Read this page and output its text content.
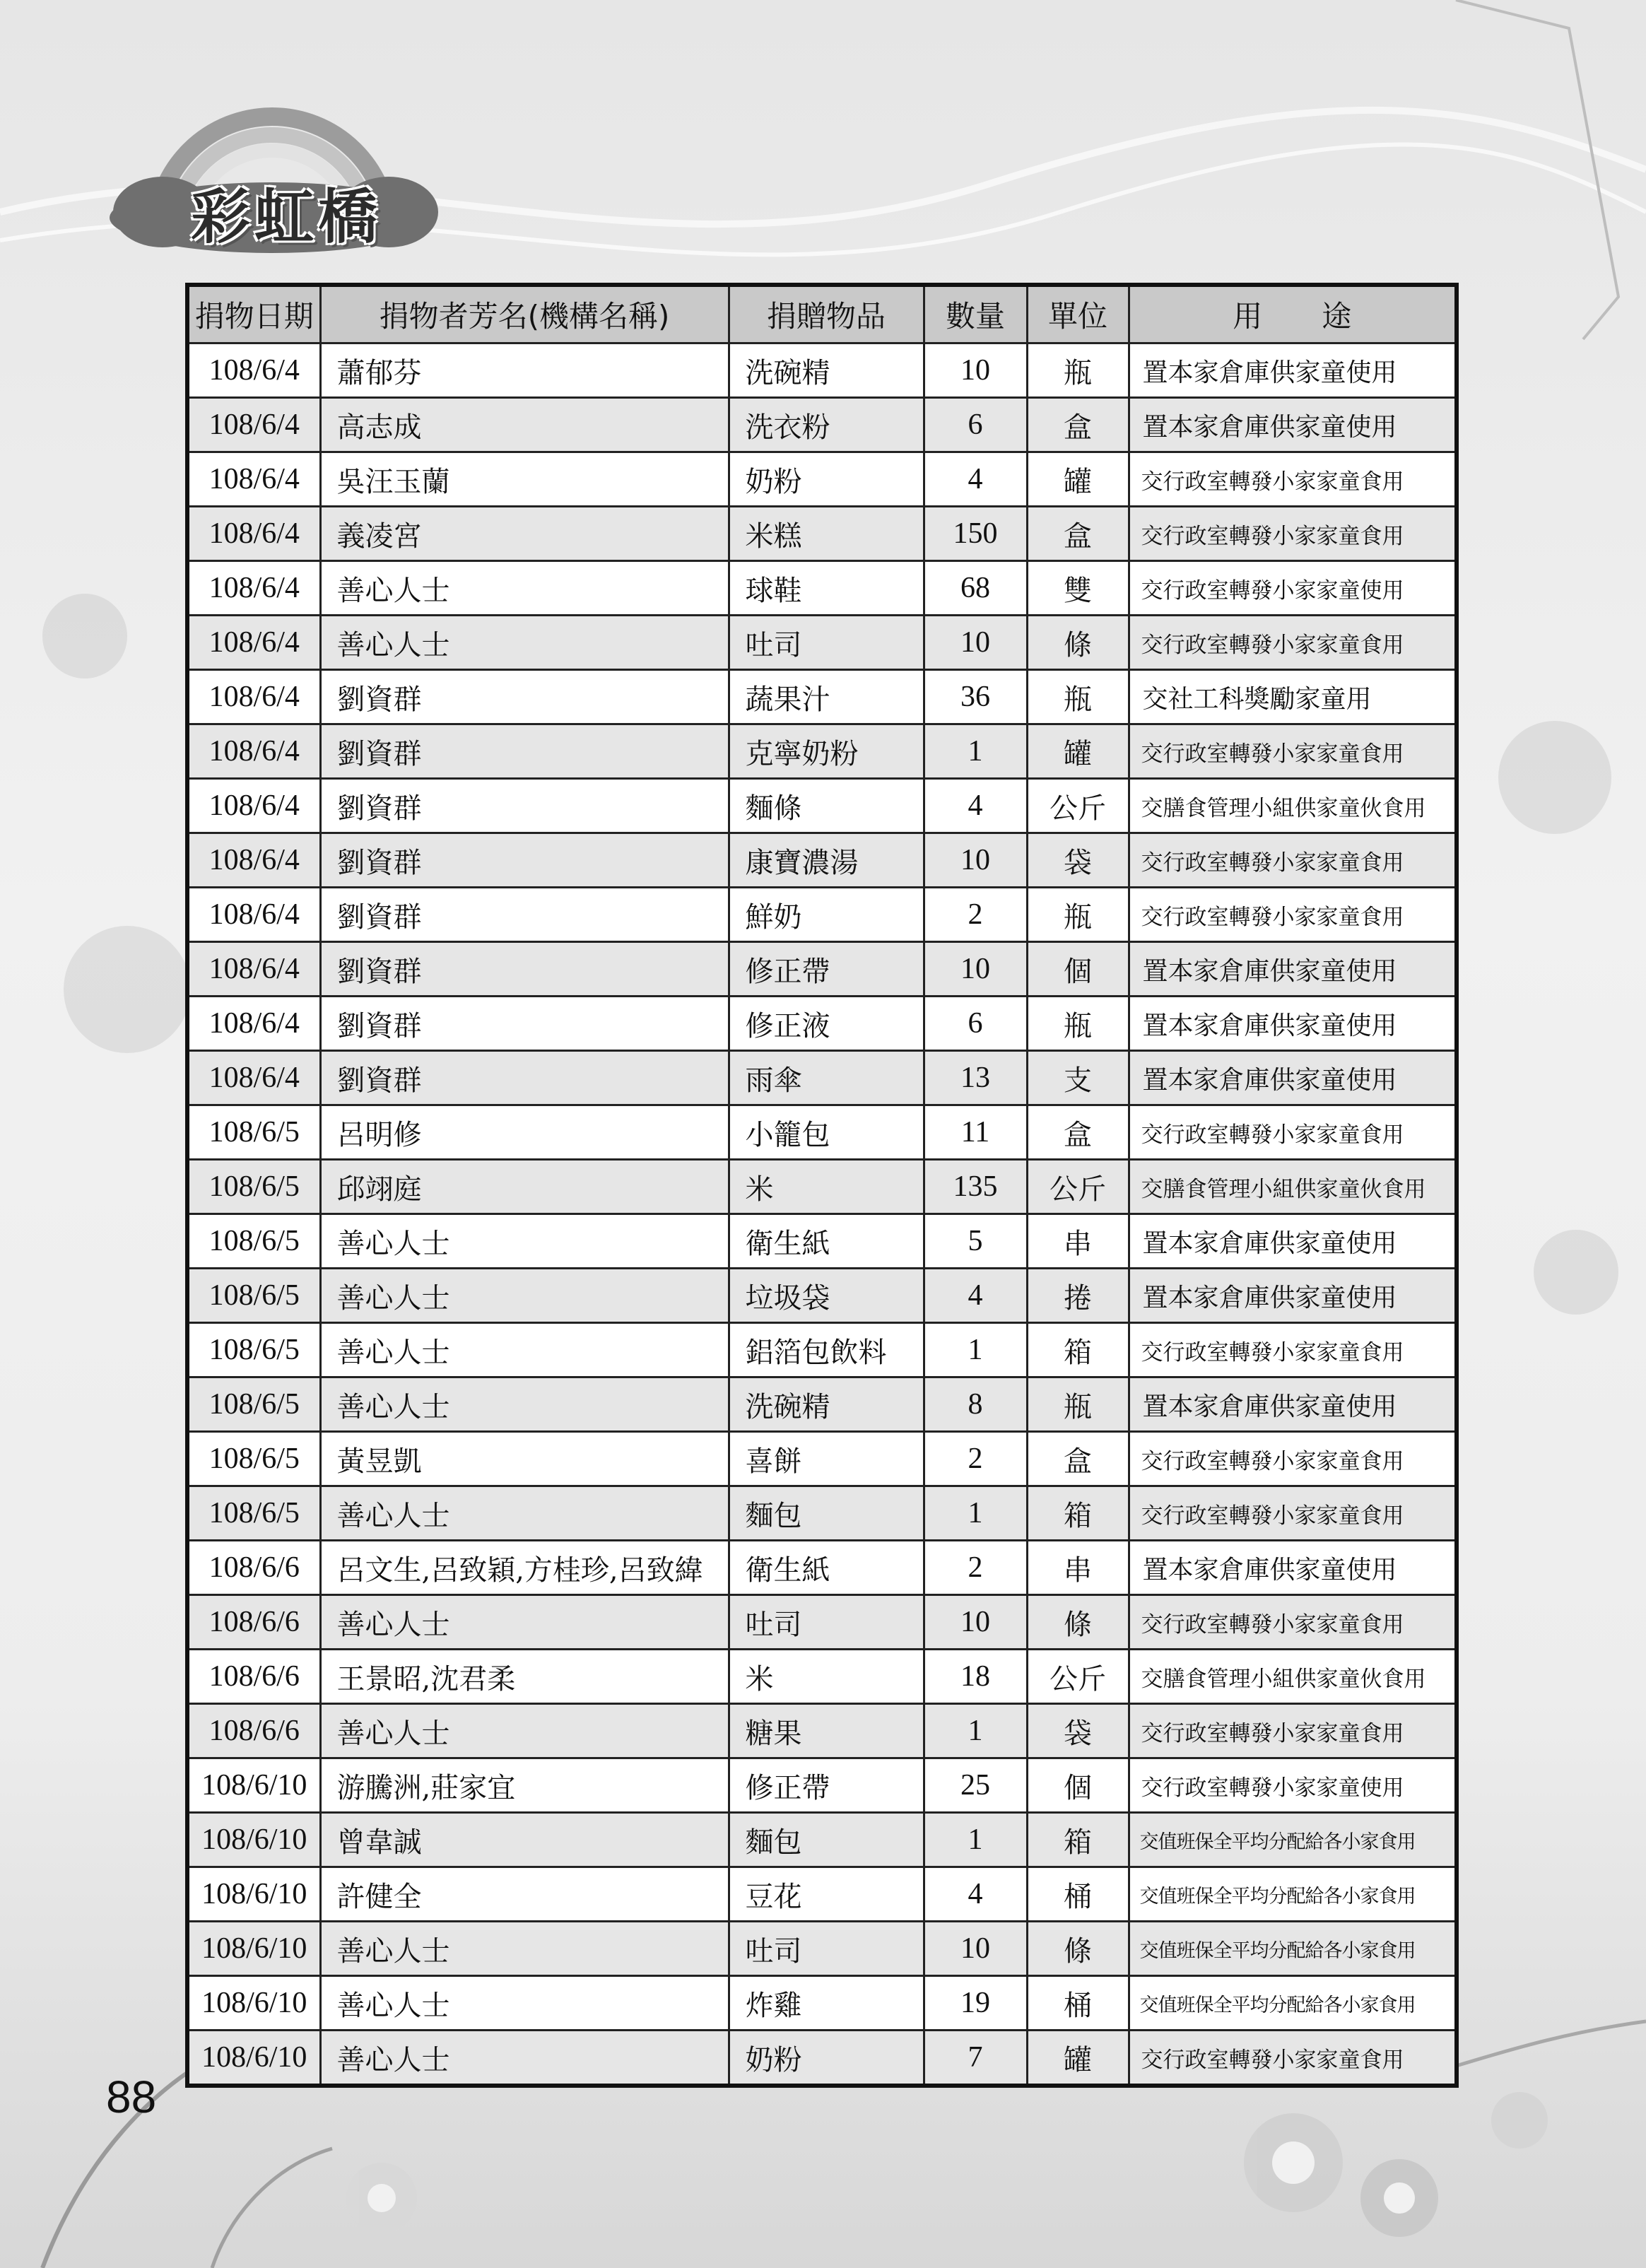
彩虹橋
捐物日期	捐物者芳名(機構名稱)	捐贈物品	數量	單位	用　　途
108/6/4	蕭郁芬	洗碗精	10	瓶	置本家倉庫供家童使用
108/6/4	高志成	洗衣粉	6	盒	置本家倉庫供家童使用
108/6/4	吳汪玉蘭	奶粉	4	罐	交行政室轉發小家家童食用
108/6/4	義凌宮	米糕	150	盒	交行政室轉發小家家童食用
108/6/4	善心人士	球鞋	68	雙	交行政室轉發小家家童使用
108/6/4	善心人士	吐司	10	條	交行政室轉發小家家童食用
108/6/4	劉資群	蔬果汁	36	瓶	交社工科獎勵家童用
108/6/4	劉資群	克寧奶粉	1	罐	交行政室轉發小家家童食用
108/6/4	劉資群	麵條	4	公斤	交膳食管理小組供家童伙食用
108/6/4	劉資群	康寶濃湯	10	袋	交行政室轉發小家家童食用
108/6/4	劉資群	鮮奶	2	瓶	交行政室轉發小家家童食用
108/6/4	劉資群	修正帶	10	個	置本家倉庫供家童使用
108/6/4	劉資群	修正液	6	瓶	置本家倉庫供家童使用
108/6/4	劉資群	雨傘	13	支	置本家倉庫供家童使用
108/6/5	呂明修	小籠包	11	盒	交行政室轉發小家家童食用
108/6/5	邱翊庭	米	135	公斤	交膳食管理小組供家童伙食用
108/6/5	善心人士	衛生紙	5	串	置本家倉庫供家童使用
108/6/5	善心人士	垃圾袋	4	捲	置本家倉庫供家童使用
108/6/5	善心人士	鋁箔包飲料	1	箱	交行政室轉發小家家童食用
108/6/5	善心人士	洗碗精	8	瓶	置本家倉庫供家童使用
108/6/5	黃昱凱	喜餅	2	盒	交行政室轉發小家家童食用
108/6/5	善心人士	麵包	1	箱	交行政室轉發小家家童食用
108/6/6	呂文生,呂致穎,方桂珍,呂致緯	衛生紙	2	串	置本家倉庫供家童使用
108/6/6	善心人士	吐司	10	條	交行政室轉發小家家童食用
108/6/6	王景昭,沈君柔	米	18	公斤	交膳食管理小組供家童伙食用
108/6/6	善心人士	糖果	1	袋	交行政室轉發小家家童食用
108/6/10	游騰洲,莊家宜	修正帶	25	個	交行政室轉發小家家童使用
108/6/10	曾韋誠	麵包	1	箱	交值班保全平均分配給各小家食用
108/6/10	許健全	豆花	4	桶	交值班保全平均分配給各小家食用
108/6/10	善心人士	吐司	10	條	交值班保全平均分配給各小家食用
108/6/10	善心人士	炸雞	19	桶	交值班保全平均分配給各小家食用
108/6/10	善心人士	奶粉	7	罐	交行政室轉發小家家童食用
88
